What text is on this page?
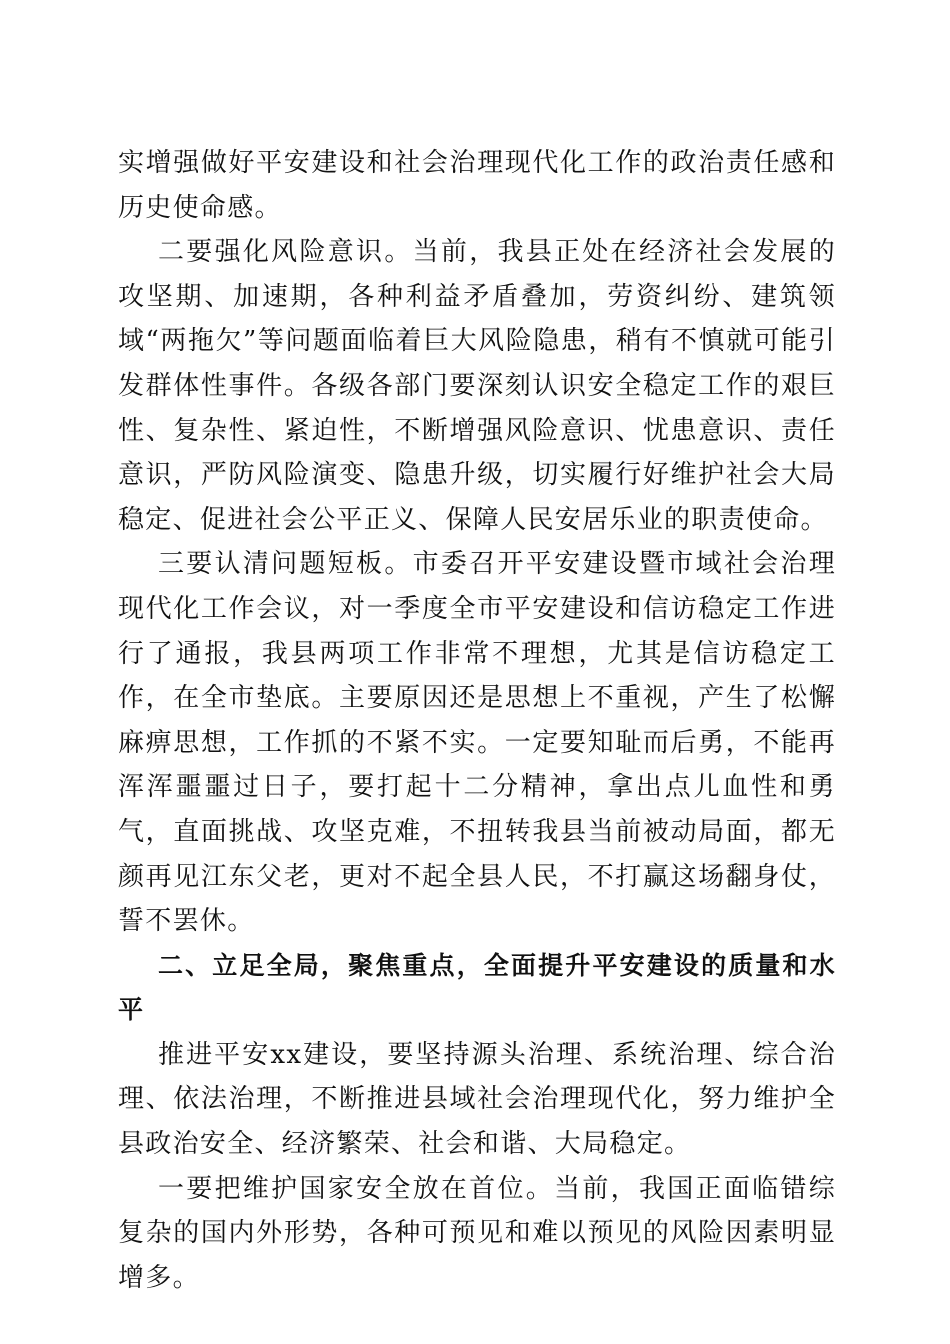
实增强做好平安建设和社会治理现代化工作的政治责任感和历史使命感。

二要强化风险意识。当前，我县正处在经济社会发展的攻坚期、加速期，各种利益矛盾叠加，劳资纠纷、建筑领域“两拖欠”等问题面临着巨大风险隐患，稍有不慎就可能引发群体性事件。各级各部门要深刻认识安全稳定工作的艰巨性、复杂性、紧迫性，不断增强风险意识、忧患意识、责任意识，严防风险演变、隐患升级，切实履行好维护社会大局稳定、促进社会公平正义、保障人民安居乐业的职责使命。

三要认清问题短板。市委召开平安建设暨市域社会治理现代化工作会议，对一季度全市平安建设和信访稳定工作进行了通报，我县两项工作非常不理想，尤其是信访稳定工作，在全市垫底。主要原因还是思想上不重视，产生了松懈麻痹思想，工作抓的不紧不实。一定要知耻而后勇，不能再浑浑噩噩过日子，要打起十二分精神，拿出点儿血性和勇气，直面挑战、攻坚克难，不扭转我县当前被动局面，都无颜再见江东父老，更对不起全县人民，不打赢这场翻身仗，誓不罢休。

二、立足全局，聚焦重点，全面提升平安建设的质量和水平

推进平安xx建设，要坚持源头治理、系统治理、综合治理、依法治理，不断推进县域社会治理现代化，努力维护全县政治安全、经济繁荣、社会和谐、大局稳定。

一要把维护国家安全放在首位。当前，我国正面临错综复杂的国内外形势，各种可预见和难以预见的风险因素明显增多。
